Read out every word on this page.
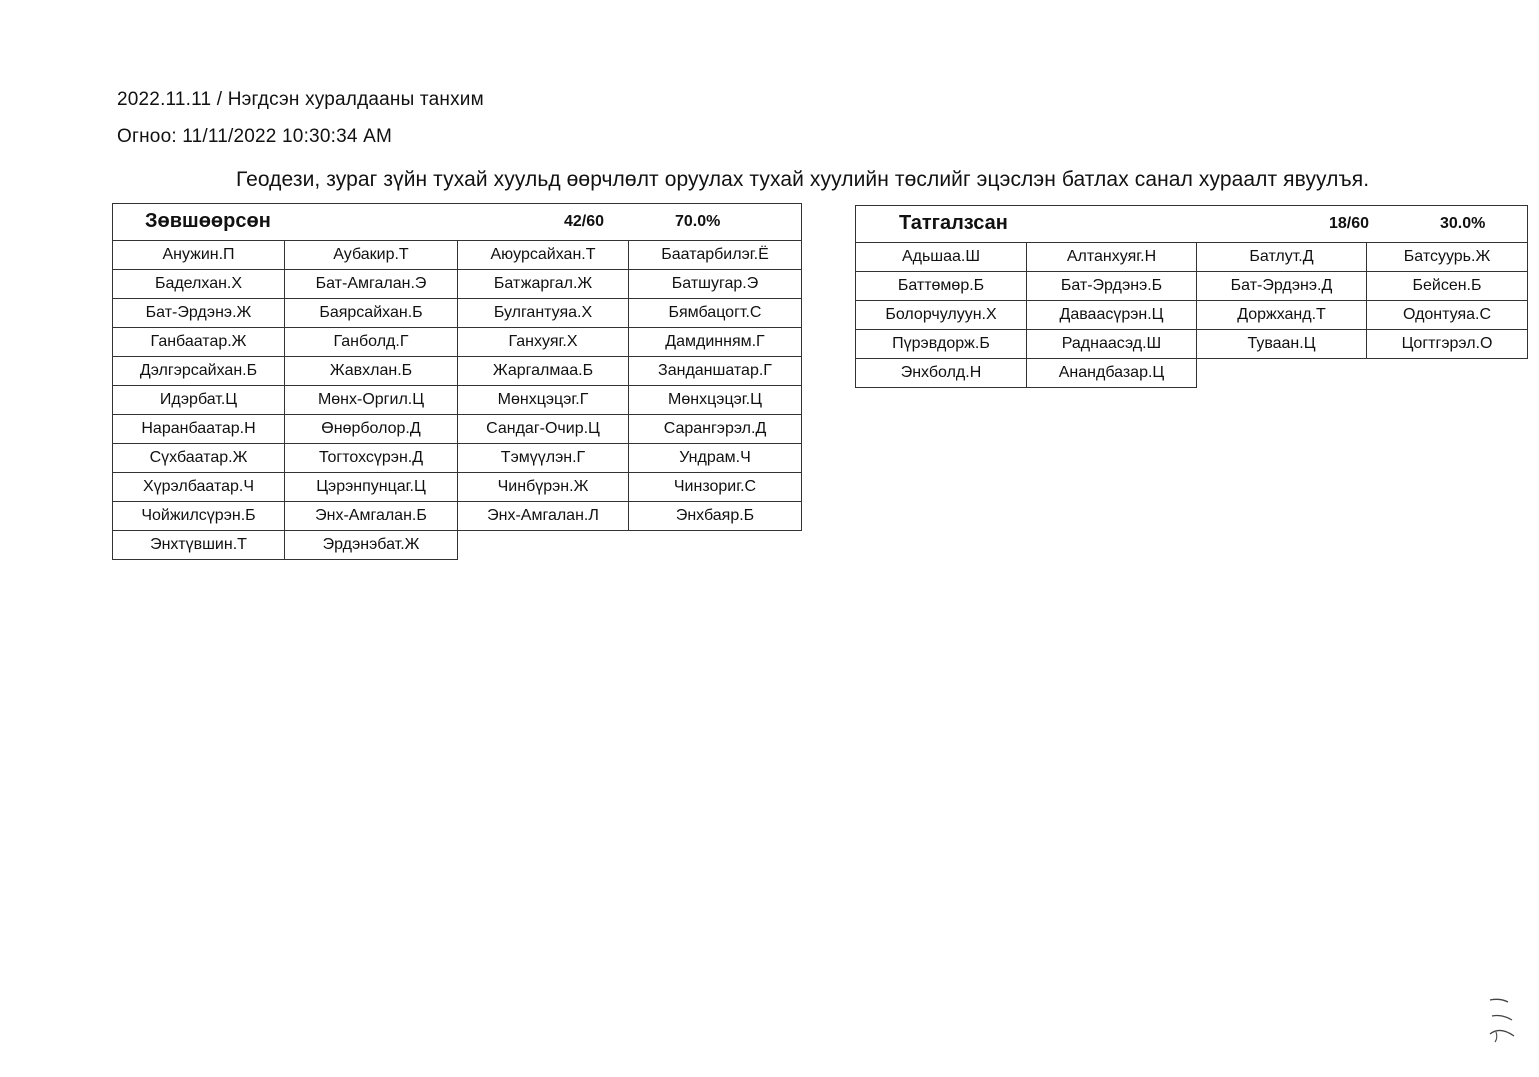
2022.11.11 / Нэгдсэн хуралдааны танхим
Огноо: 11/11/2022 10:30:34 AM
Геодези, зураг зүйн тухай хуульд өөрчлөлт оруулах тухай хуулийн төслийг эцэслэн батлах санал хураалт явуулъя.
Зөвшөөрсөн 42/60 70.0%			

Анужин.П	Аубакир.Т	Аюурсайхан.Т	Баатарбилэг.Ё
Баделхан.Х	Бат-Амгалан.Э	Батжаргал.Ж	Батшугар.Э
Бат-Эрдэнэ.Ж	Баярсайхан.Б	Булгантуяа.Х	Бямбацогт.С
Ганбаатар.Ж	Ганболд.Г	Ганхуяг.Х	Дамдинням.Г
Дэлгэрсайхан.Б	Жавхлан.Б	Жаргалмаа.Б	Занданшатар.Г
Идэрбат.Ц	Мөнх-Оргил.Ц	Мөнхцэцэг.Г	Мөнхцэцэг.Ц
Наранбаатар.Н	Өнөрболор.Д	Сандаг-Очир.Ц	Сарангэрэл.Д
Сүхбаатар.Ж	Тогтохсүрэн.Д	Тэмүүлэн.Г	Ундрам.Ч
Хүрэлбаатар.Ч	Цэрэнпунцаг.Ц	Чинбүрэн.Ж	Чинзориг.С
Чойжилсүрэн.Б	Энх-Амгалан.Б	Энх-Амгалан.Л	Энхбаяр.Б
Энхтүвшин.Т	Эрдэнэбат.Ж		
Татгалзсан 18/60 30.0%			

Адьшаа.Ш	Алтанхуяг.Н	Батлут.Д	Батсуурь.Ж
Баттөмөр.Б	Бат-Эрдэнэ.Б	Бат-Эрдэнэ.Д	Бейсен.Б
Болорчулуун.Х	Даваасүрэн.Ц	Доржханд.Т	Одонтуяа.С
Пүрэвдорж.Б	Раднаасэд.Ш	Туваан.Ц	Цогтгэрэл.О
Энхболд.Н	Анандбазар.Ц		
